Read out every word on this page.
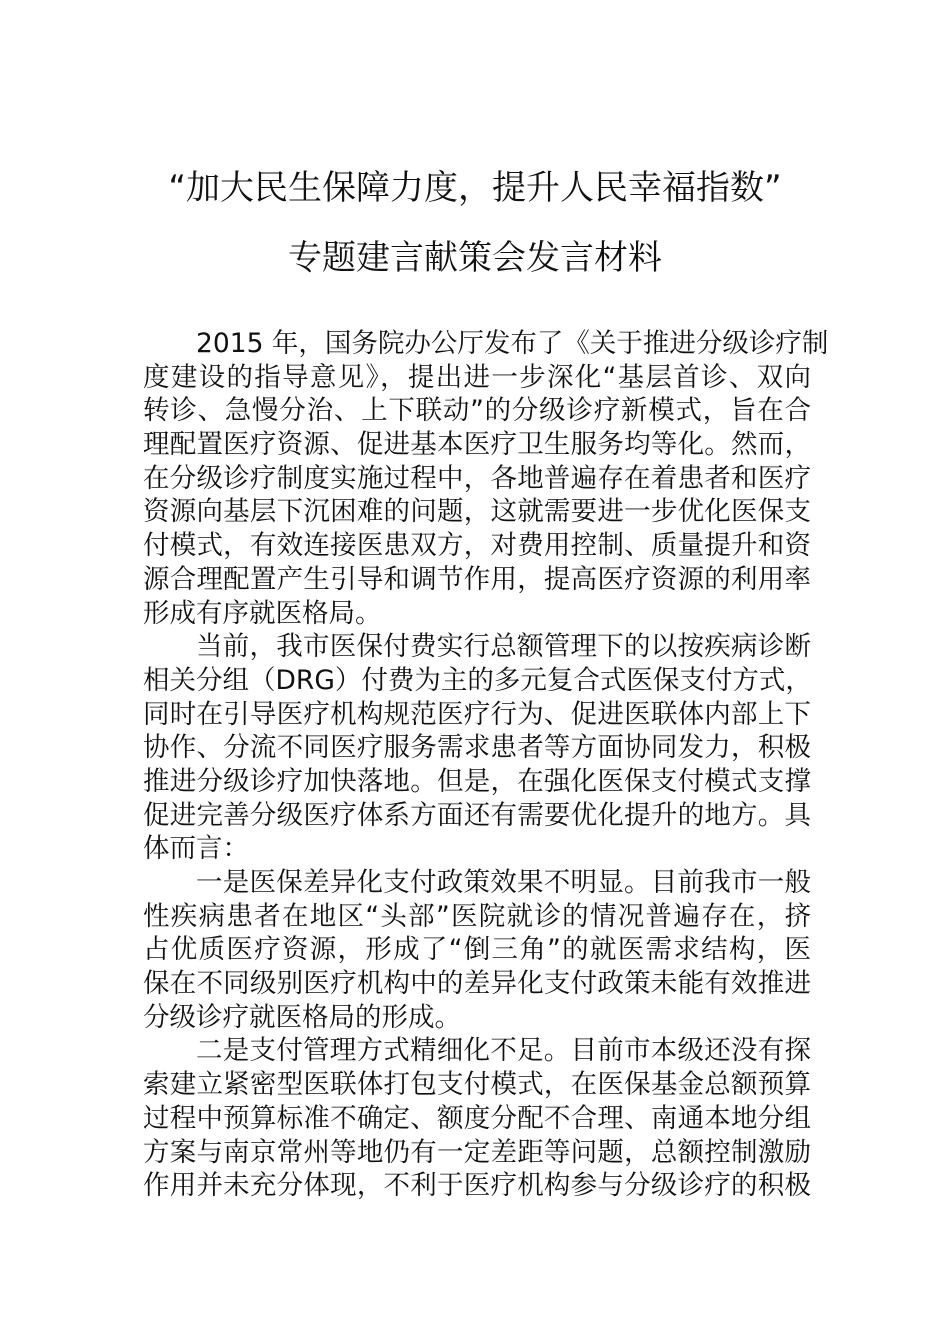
“加大民生保障力度，提升人民幸福指数”
专题建言献策会发言材料
2015 年，国务院办公厅发布了《关于推进分级诊疗制
度建设的指导意见》，提出进一步深化“基层首诊、双向
转诊、急慢分治、上下联动”的分级诊疗新模式，旨在合
理配置医疗资源、促进基本医疗卫生服务均等化。然而，
在分级诊疗制度实施过程中，各地普遍存在着患者和医疗
资源向基层下沉困难的问题，这就需要进一步优化医保支
付模式，有效连接医患双方，对费用控制、质量提升和资
源合理配置产生引导和调节作用，提高医疗资源的利用率
形成有序就医格局。
当前，我市医保付费实行总额管理下的以按疾病诊断
相关分组（DRG）付费为主的多元复合式医保支付方式，
同时在引导医疗机构规范医疗行为、促进医联体内部上下
协作、分流不同医疗服务需求患者等方面协同发力，积极
推进分级诊疗加快落地。但是，在强化医保支付模式支撑
促进完善分级医疗体系方面还有需要优化提升的地方。具
体而言：
一是医保差异化支付政策效果不明显。目前我市一般
性疾病患者在地区“头部”医院就诊的情况普遍存在，挤
占优质医疗资源，形成了“倒三角”的就医需求结构，医
保在不同级别医疗机构中的差异化支付政策未能有效推进
分级诊疗就医格局的形成。
二是支付管理方式精细化不足。目前市本级还没有探
索建立紧密型医联体打包支付模式，在医保基金总额预算
过程中预算标准不确定、额度分配不合理、南通本地分组
方案与南京常州等地仍有一定差距等问题，总额控制激励
作用并未充分体现，不利于医疗机构参与分级诊疗的积极
